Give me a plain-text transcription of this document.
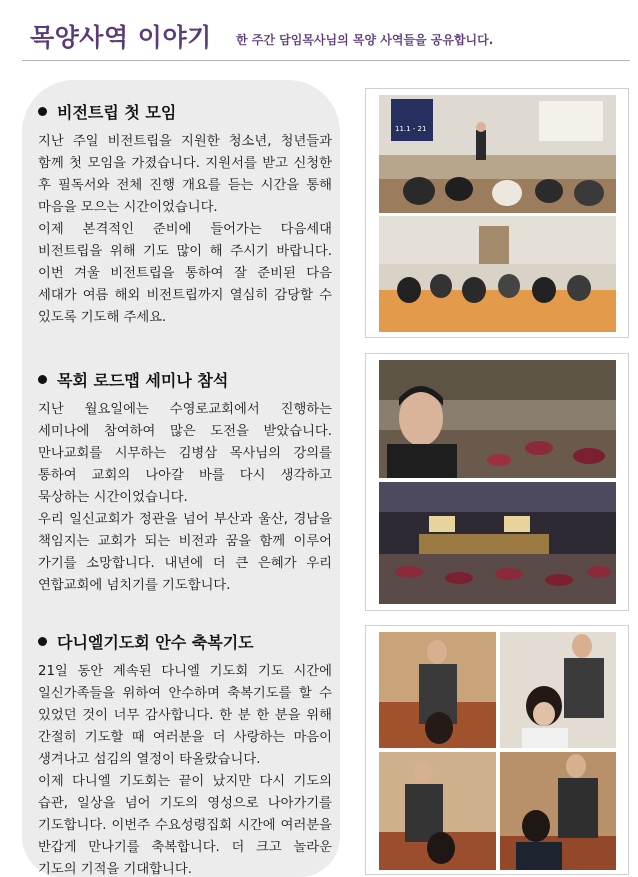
목양사역 이야기 한 주간 담임목사님의 목양 사역들을 공유합니다.
비전트립 첫 모임

지난 주일 비전트립을 지원한 청소년, 청년들과 함께 첫 모임을 가졌습니다. 지원서를 받고 신청한 후 필독서와 전체 진행 개요를 듣는 시간을 통해 마음을 모으는 시간이었습니다.

이제 본격적인 준비에 들어가는 다음세대 비전트립을 위해 기도 많이 해 주시기 바랍니다. 이번 겨울 비전트립을 통하여 잘 준비된 다음 세대가 여름 해외 비전트립까지 열심히 감당할 수 있도록 기도해 주세요.

목회 로드맵 세미나 참석

지난 월요일에는 수영로교회에서 진행하는 세미나에 참여하여 많은 도전을 받았습니다. 만나교회를 시무하는 김병삼 목사님의 강의를 통하여 교회의 나아갈 바를 다시 생각하고 묵상하는 시간이었습니다.

우리 일신교회가 정관을 넘어 부산과 울산, 경남을 책임지는 교회가 되는 비전과 꿈을 함께 이루어 가기를 소망합니다. 내년에 더 큰 은혜가 우리 연합교회에 넘치기를 기도합니다.

다니엘기도회 안수 축복기도

21일 동안 계속된 다니엘 기도회 기도 시간에 일신가족들을 위하여 안수하며 축복기도를 할 수 있었던 것이 너무 감사합니다. 한 분 한 분을 위해 간절히 기도할 때 여러분을 더 사랑하는 마음이 생겨나고 섬김의 열정이 타올랐습니다.

이제 다니엘 기도회는 끝이 났지만 다시 기도의 습관, 일상을 넘어 기도의 영성으로 나아가기를 기도합니다. 이번주 수요성령집회 시간에 여러분을 반갑게 만나기를 축복합니다. 더 크고 놀라운 기도의 기적을 기대합니다.

11.1 - 21
